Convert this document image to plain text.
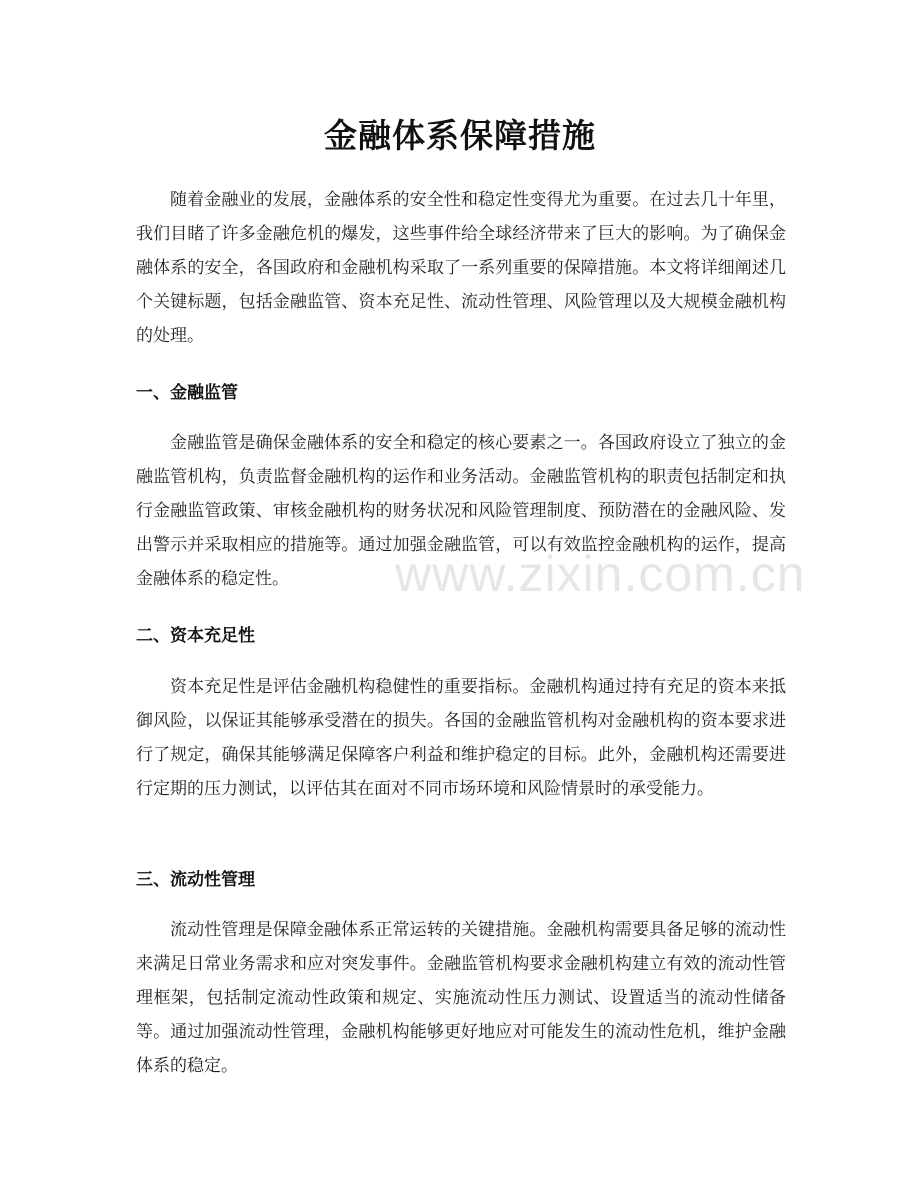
金融体系保障措施

随着金融业的发展，金融体系的安全性和稳定性变得尤为重要。在过去几十年里，我们目睹了许多金融危机的爆发，这些事件给全球经济带来了巨大的影响。为了确保金融体系的安全，各国政府和金融机构采取了一系列重要的保障措施。本文将详细阐述几个关键标题，包括金融监管、资本充足性、流动性管理、风险管理以及大规模金融机构的处理。

一、金融监管

金融监管是确保金融体系的安全和稳定的核心要素之一。各国政府设立了独立的金融监管机构，负责监督金融机构的运作和业务活动。金融监管机构的职责包括制定和执行金融监管政策、审核金融机构的财务状况和风险管理制度、预防潜在的金融风险、发出警示并采取相应的措施等。通过加强金融监管，可以有效监控金融机构的运作，提高金融体系的稳定性。

二、资本充足性

资本充足性是评估金融机构稳健性的重要指标。金融机构通过持有充足的资本来抵御风险，以保证其能够承受潜在的损失。各国的金融监管机构对金融机构的资本要求进行了规定，确保其能够满足保障客户利益和维护稳定的目标。此外，金融机构还需要进行定期的压力测试，以评估其在面对不同市场环境和风险情景时的承受能力。

三、流动性管理

流动性管理是保障金融体系正常运转的关键措施。金融机构需要具备足够的流动性来满足日常业务需求和应对突发事件。金融监管机构要求金融机构建立有效的流动性管理框架，包括制定流动性政策和规定、实施流动性压力测试、设置适当的流动性储备等。通过加强流动性管理，金融机构能够更好地应对可能发生的流动性危机，维护金融体系的稳定。

www.zixin.com.cn
